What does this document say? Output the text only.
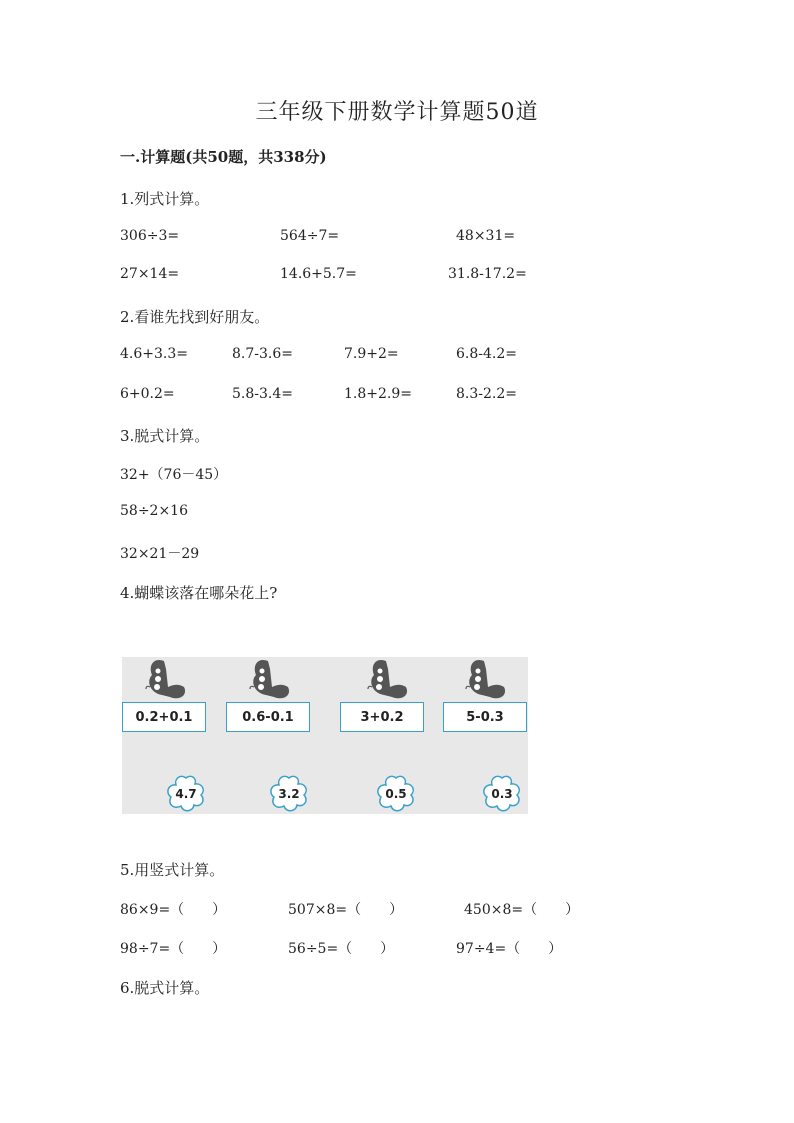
三年级下册数学计算题50道
一.计算题(共50题，共338分)
1.列式计算。
306÷3=	564÷7=	48×31=
27×14=	14.6+5.7=	31.8-17.2=
2.看谁先找到好朋友。
4.6+3.3=	8.7-3.6=	7.9+2=	6.8-4.2=
6+0.2=	5.8-3.4=	1.8+2.9=	8.3-2.2=
3.脱式计算。
32+（76－45）
58÷2×16
32×21－29
4.蝴蝶该落在哪朵花上?
0.2+0.1	0.6-0.1	3+0.2	5-0.3
4.7	3.2	0.5	0.3
5.用竖式计算。
86×9=（　　）	507×8=（　　）	450×8=（　　）
98÷7=（　　）	56÷5=（　　）	97÷4=（　　）
6.脱式计算。
